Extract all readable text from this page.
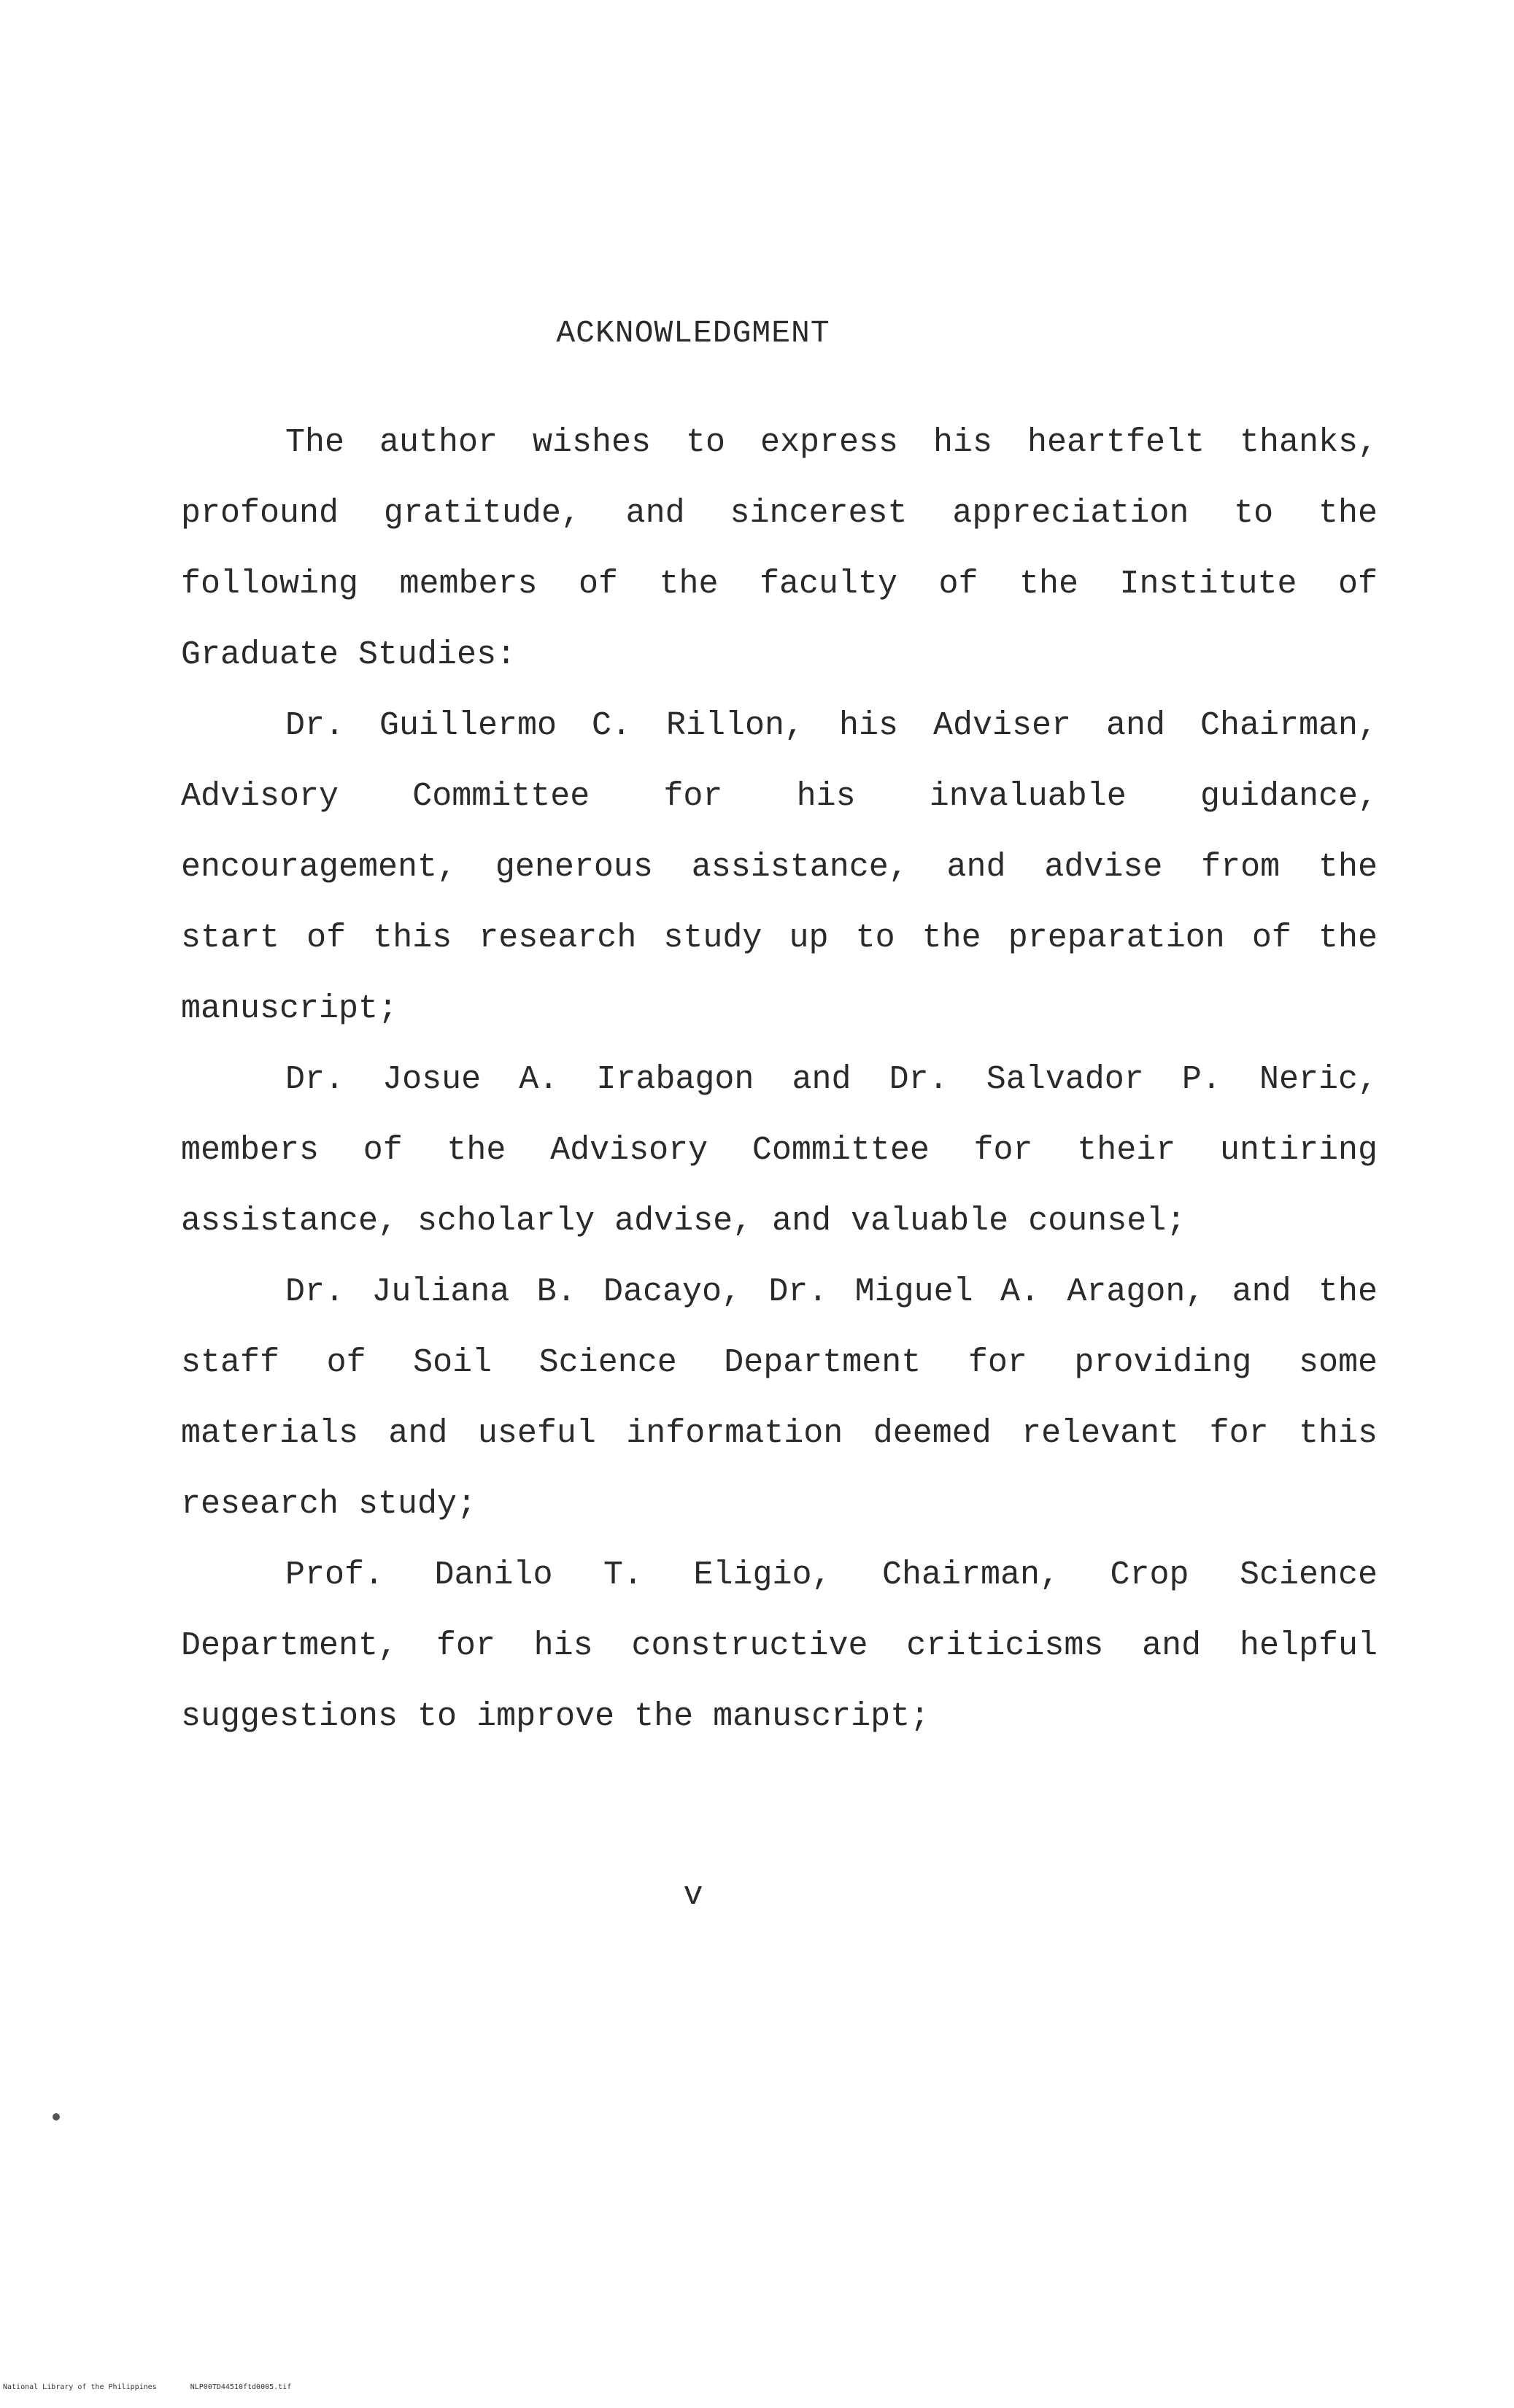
ACKNOWLEDGMENT

The author wishes to express his heartfelt thanks, profound gratitude, and sincerest appreciation to the following members of the faculty of the Institute of Graduate Studies:

Dr. Guillermo C. Rillon, his Adviser and Chairman, Advisory Committee for his invaluable guidance, encouragement, generous assistance, and advise from the start of this research study up to the preparation of the manuscript;

Dr. Josue A. Irabagon and Dr. Salvador P. Neric, members of the Advisory Committee for their untiring assistance, scholarly advise, and valuable counsel;

Dr. Juliana B. Dacayo, Dr. Miguel A. Aragon, and the staff of Soil Science Department for providing some materials and useful information deemed relevant for this research study;

Prof. Danilo T. Eligio, Chairman, Crop Science Department, for his constructive criticisms and helpful suggestions to improve the manuscript;

v
National Library of the Philippines	NLP00TD44510ftd0005.tif
